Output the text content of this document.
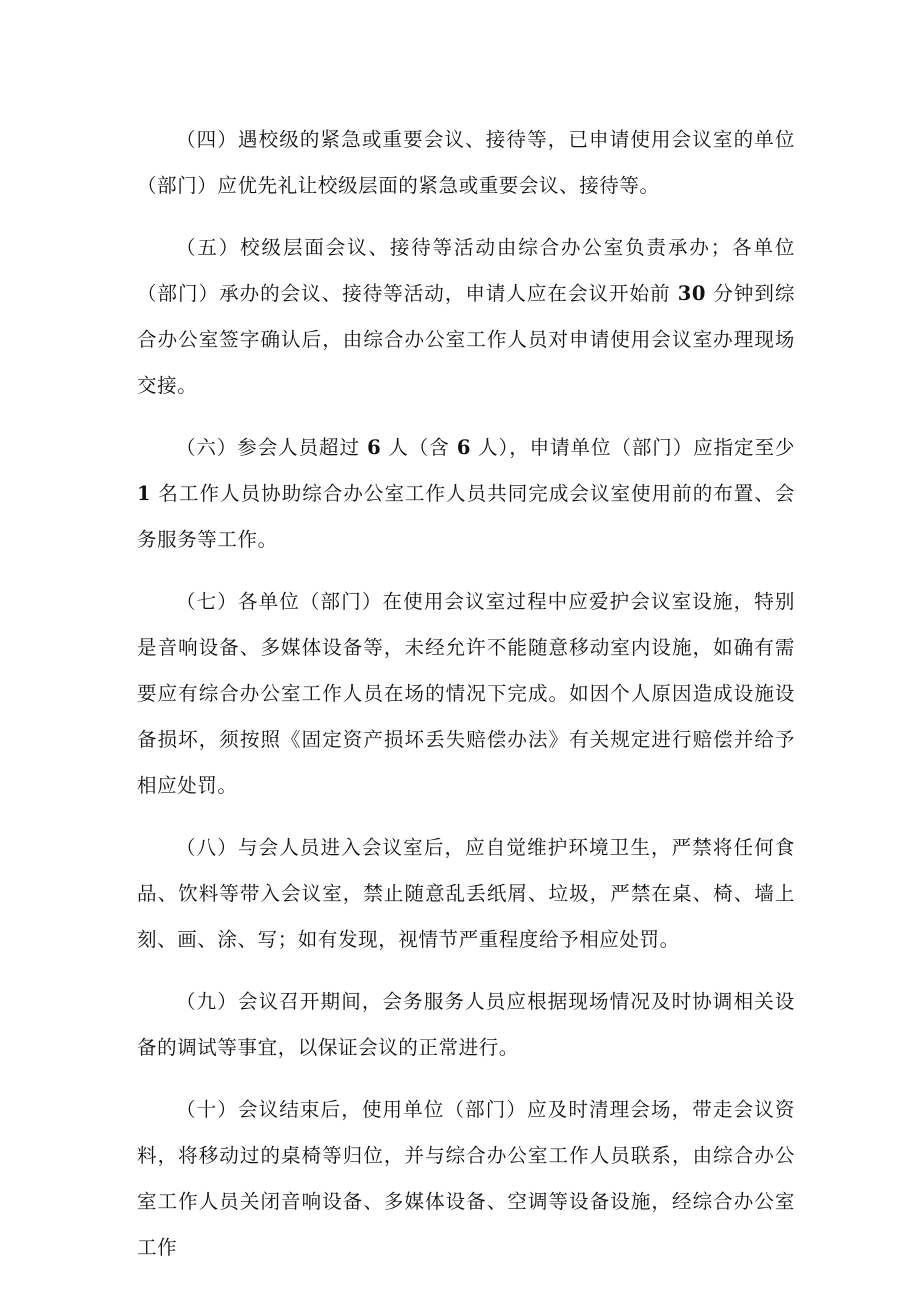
（四）遇校级的紧急或重要会议、接待等，已申请使用会议室的单位（部门）应优先礼让校级层面的紧急或重要会议、接待等。

（五）校级层面会议、接待等活动由综合办公室负责承办；各单位（部门）承办的会议、接待等活动，申请人应在会议开始前 30 分钟到综合办公室签字确认后，由综合办公室工作人员对申请使用会议室办理现场交接。

（六）参会人员超过 6 人（含 6 人），申请单位（部门）应指定至少 1 名工作人员协助综合办公室工作人员共同完成会议室使用前的布置、会务服务等工作。

（七）各单位（部门）在使用会议室过程中应爱护会议室设施，特别是音响设备、多媒体设备等，未经允许不能随意移动室内设施，如确有需要应有综合办公室工作人员在场的情况下完成。如因个人原因造成设施设备损坏，须按照《固定资产损坏丢失赔偿办法》有关规定进行赔偿并给予相应处罚。

（八）与会人员进入会议室后，应自觉维护环境卫生，严禁将任何食品、饮料等带入会议室，禁止随意乱丢纸屑、垃圾，严禁在桌、椅、墙上刻、画、涂、写；如有发现，视情节严重程度给予相应处罚。

（九）会议召开期间，会务服务人员应根据现场情况及时协调相关设备的调试等事宜，以保证会议的正常进行。

（十）会议结束后，使用单位（部门）应及时清理会场，带走会议资料，将移动过的桌椅等归位，并与综合办公室工作人员联系，由综合办公室工作人员关闭音响设备、多媒体设备、空调等设备设施，经综合办公室工作
